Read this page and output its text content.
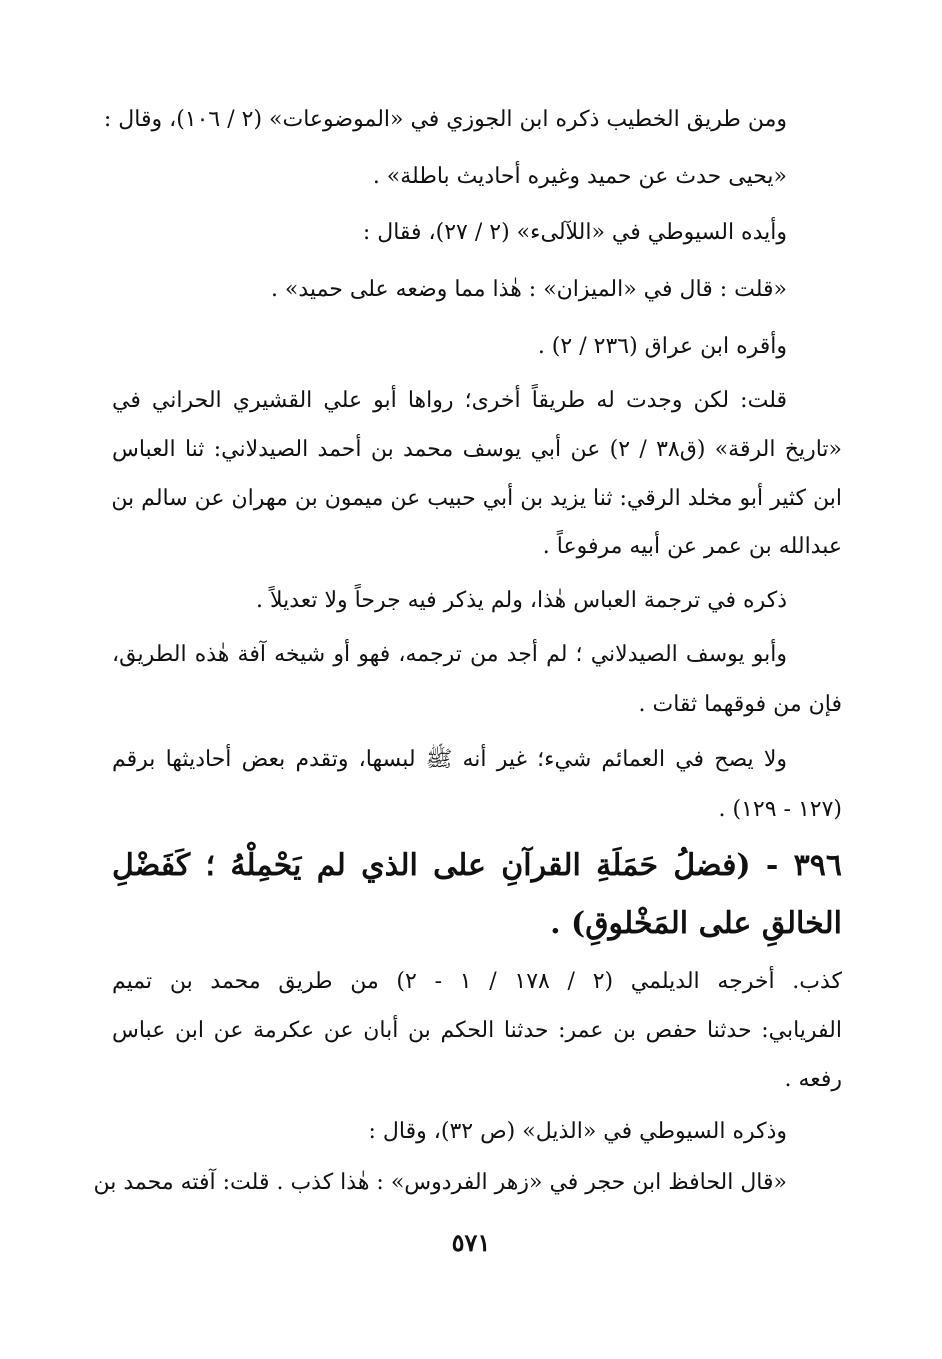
ومن طريق الخطيب ذكره ابن الجوزي في «الموضوعات» (٢ / ١٠٦)، وقال :
«يحيى حدث عن حميد وغيره أحاديث باطلة» .
وأيده السيوطي في «اللآلىء» (٢ / ٢٧)، فقال :
«قلت : قال في «الميزان» : هٰذا مما وضعه على حميد» .
وأقره ابن عراق (٢٣٦ / ٢) .
قلت: لكن وجدت له طريقاً أخرى؛ رواها أبو علي القشيري الحراني في
«تاريخ الرقة» (ق٣٨ / ٢) عن أبي يوسف محمد بن أحمد الصيدلاني: ثنا العباس
ابن كثير أبو مخلد الرقي: ثنا يزيد بن أبي حبيب عن ميمون بن مهران عن سالم بن
عبدالله بن عمر عن أبيه مرفوعاً .
ذكره في ترجمة العباس هٰذا، ولم يذكر فيه جرحاً ولا تعديلاً .
وأبو يوسف الصيدلاني ؛ لم أجد من ترجمه، فهو أو شيخه آفة هٰذه الطريق،
فإن من فوقهما ثقات .
ولا يصح في العمائم شيء؛ غير أنه ﷺ لبسها، وتقدم بعض أحاديثها برقم
(١٢٧ - ١٢٩) .
٣٩٦ - (فضلُ حَمَلَةِ القرآنِ على الذي لم يَحْمِلْهُ ؛ كَفَضْلِ
الخالقِ على المَخْلوقِ) .
كذب. أخرجه الديلمي (٢ / ١٧٨ / ١ - ٢) من طريق محمد بن تميم
الفريابي: حدثنا حفص بن عمر: حدثنا الحكم بن أبان عن عكرمة عن ابن عباس
رفعه .
وذكره السيوطي في «الذيل» (ص ٣٢)، وقال :
«قال الحافظ ابن حجر في «زهر الفردوس» : هٰذا كذب . قلت: آفته محمد بن
٥٧١
